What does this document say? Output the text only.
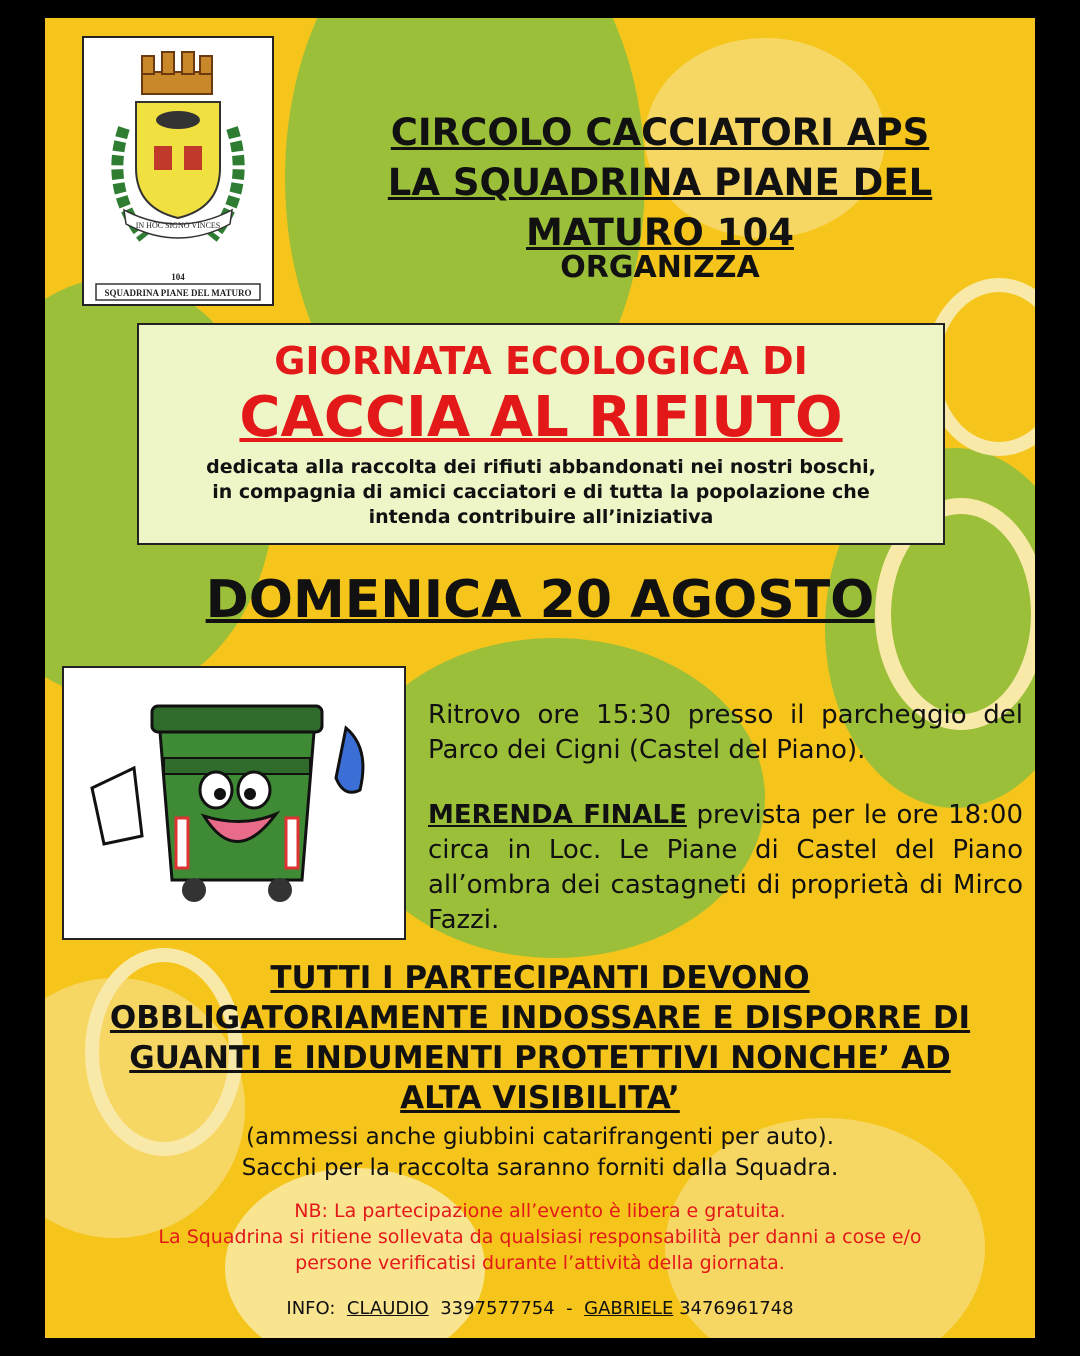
IN HOC SIGNO VINCES
104
SQUADRINA PIANE DEL MATURO
CIRCOLO CACCIATORI APS
LA SQUADRINA PIANE DEL
MATURO 104
ORGANIZZA
GIORNATA ECOLOGICA DI
CACCIA AL RIFIUTO
dedicata alla raccolta dei rifiuti abbandonati nei nostri boschi,
in compagnia di amici cacciatori e di tutta la popolazione che
intenda contribuire all’iniziativa
DOMENICA 20 AGOSTO
Ritrovo ore 15:30 presso il parcheggio del Parco dei Cigni (Castel del Piano).
MERENDA FINALE prevista per le ore 18:00 circa in Loc. Le Piane di Castel del Piano all’ombra dei castagneti di proprietà di Mirco Fazzi.
TUTTI I PARTECIPANTI DEVONO
OBBLIGATORIAMENTE INDOSSARE E DISPORRE DI
GUANTI E INDUMENTI PROTETTIVI NONCHE’ AD
ALTA VISIBILITA’
(ammessi anche giubbini catarifrangenti per auto).
Sacchi per la raccolta saranno forniti dalla Squadra.
NB: La partecipazione all’evento è libera e gratuita.
La Squadrina si ritiene sollevata da qualsiasi responsabilità per danni a cose e/o
persone verificatisi durante l’attività della giornata.
INFO: CLAUDIO 3397577754 - GABRIELE 3476961748
